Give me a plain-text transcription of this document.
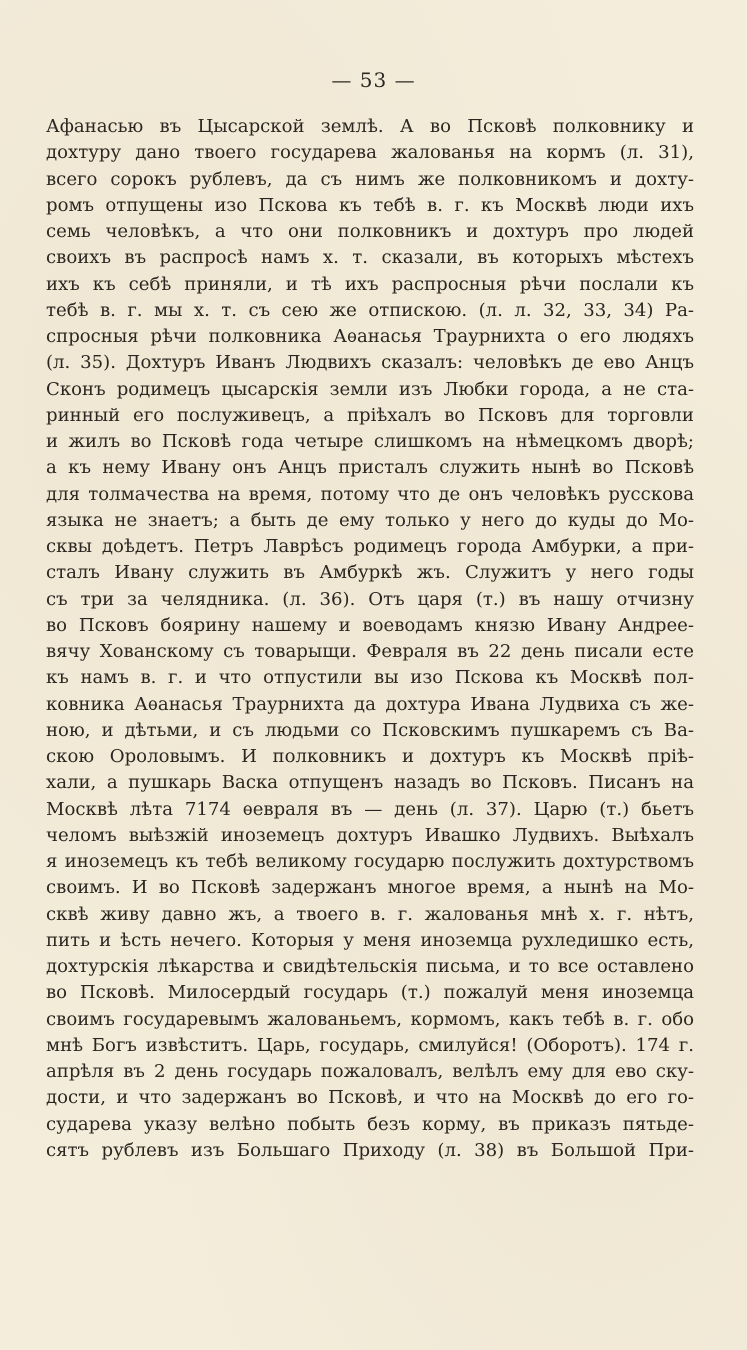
— 53 —
Афанасью въ Цысарской землѣ. А во Псковѣ полковнику и
дохтуру дано твоего государева жалованья на кормъ (л. 31),
всего сорокъ рублевъ, да съ нимъ же полковникомъ и дохту-
ромъ отпущены изо Пскова къ тебѣ в. г. къ Москвѣ люди ихъ
семь человѣкъ, а что они полковникъ и дохтуръ про людей
своихъ въ распросѣ намъ х. т. сказали, въ которыхъ мѣстехъ
ихъ къ себѣ приняли, и тѣ ихъ распросныя рѣчи послали къ
тебѣ в. г. мы х. т. съ сею же отпискою. (л. л. 32, 33, 34) Ра-
спросныя рѣчи полковника Аѳанасья Траурнихта о его людяхъ
(л. 35). Дохтуръ Иванъ Людвихъ сказалъ: человѣкъ де ево Анцъ
Сконъ родимецъ цысарскія земли изъ Любки города, а не ста-
ринный его послуживецъ, а пріѣхалъ во Псковъ для торговли
и жилъ во Псковѣ года четыре слишкомъ на нѣмецкомъ дворѣ;
а къ нему Ивану онъ Анцъ присталъ служить нынѣ во Псковѣ
для толмачества на время, потому что де онъ человѣкъ русскова
языка не знаетъ; а быть де ему только у него до куды до Мо-
сквы доѣдетъ. Петръ Лаврѣсъ родимецъ города Амбурки, а при-
сталъ Ивану служить въ Амбуркѣ жъ. Служитъ у него годы
съ три за челядника. (л. 36). Отъ царя (т.) въ нашу отчизну
во Псковъ боярину нашему и воеводамъ князю Ивану Андрее-
вячу Хованскому съ товарыщи. Февраля въ 22 день писали есте
къ намъ в. г. и что отпустили вы изо Пскова къ Москвѣ пол-
ковника Аѳанасья Траурнихта да дохтура Ивана Лудвиха съ же-
ною, и дѣтьми, и съ людьми со Псковскимъ пушкаремъ съ Ва-
скою Ороловымъ. И полковникъ и дохтуръ къ Москвѣ пріѣ-
хали, а пушкарь Васка отпущенъ назадъ во Псковъ. Писанъ на
Москвѣ лѣта 7174 ѳевраля въ — день (л. 37). Царю (т.) бьетъ
челомъ выѣзжій иноземецъ дохтуръ Ивашко Лудвихъ. Выѣхалъ
я иноземецъ къ тебѣ великому государю послужить дохтурствомъ
своимъ. И во Псковѣ задержанъ многое время, а нынѣ на Мо-
сквѣ живу давно жъ, а твоего в. г. жалованья мнѣ х. г. нѣтъ,
пить и ѣсть нечего. Которыя у меня иноземца рухледишко есть,
дохтурскія лѣкарства и свидѣтельскія письма, и то все оставлено
во Псковѣ. Милосердый государь (т.) пожалуй меня иноземца
своимъ государевымъ жалованьемъ, кормомъ, какъ тебѣ в. г. обо
мнѣ Богъ извѣститъ. Царь, государь, смилуйся! (Оборотъ). 174 г.
апрѣля въ 2 день государь пожаловалъ, велѣлъ ему для ево ску-
дости, и что задержанъ во Псковѣ, и что на Москвѣ до его го-
сударева указу велѣно побыть безъ корму, въ приказъ пятьде-
сятъ рублевъ изъ Большаго Приходу (л. 38) въ Большой При-
